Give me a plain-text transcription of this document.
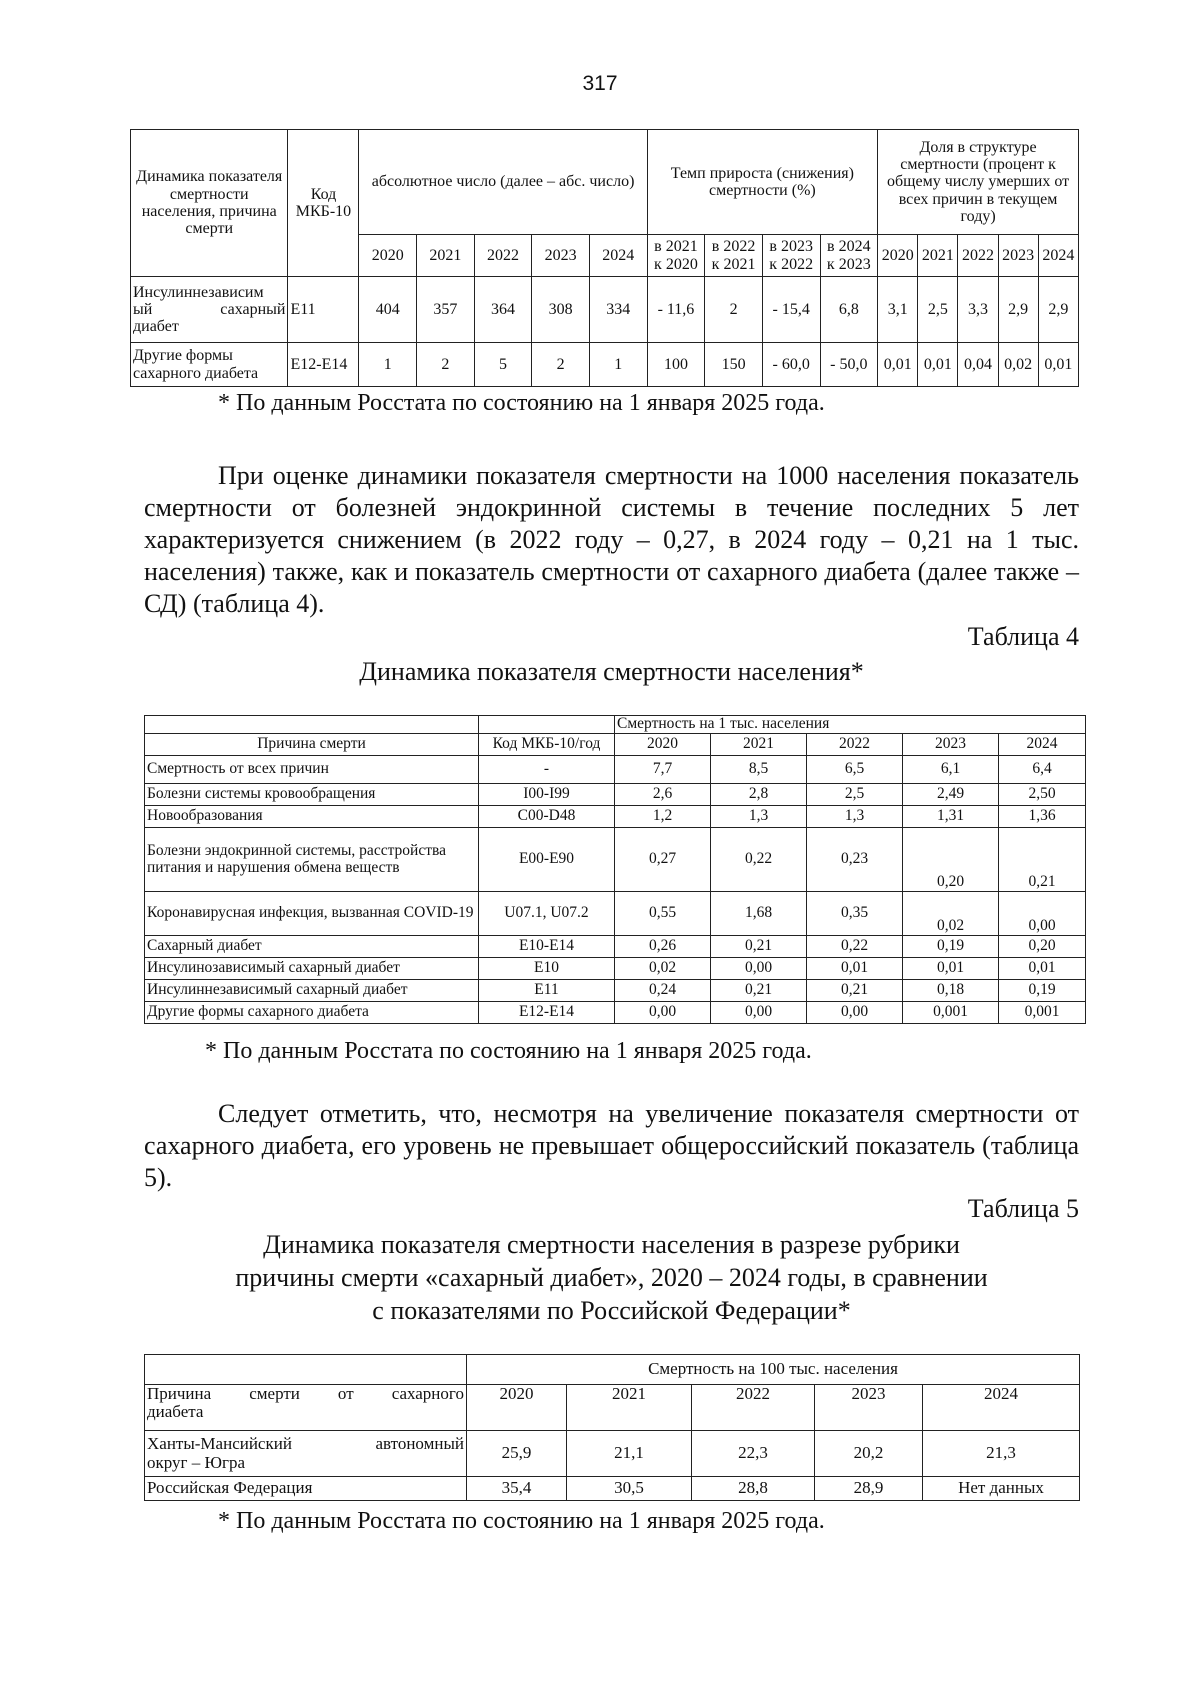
317
Динамика показателя смертности населения, причина смерти	Код МКБ-10	абсолютное число (далее – абс. число)					Темп прироста (снижения) смертности (%)				Доля в структуре смертности (процент к общему числу умерших от всех причин в текущем году)				
		2020	2021	2022	2023	2024	в 2021
к 2020	в 2022
к 2021	в 2023
к 2022	в 2024
к 2023	2020	2021	2022	2023	2024
Инсулиннезависим

ый сахарный
диабет	E11	404	357	364	308	334	- 11,6	2	- 15,4	6,8	3,1	2,5	3,3	2,9	2,9
Другие формы сахарного диабета	E12-E14	1	2	5	2	1	100	150	- 60,0	- 50,0	0,01	0,01	0,04	0,02	0,01
* По данным Росстата по состоянию на 1 января 2025 года.
При оценке динамики показателя смертности на 1000 населения показатель смертности от болезней эндокринной системы в течение последних 5 лет характеризуется снижением (в 2022 году – 0,27, в 2024 году – 0,21 на 1 тыс. населения) также, как и показатель смертности от сахарного диабета (далее также – СД) (таблица 4).
Таблица 4
Динамика показателя смертности населения*
		Смертность на 1 тыс. населения				
Причина смерти	Код МКБ-10/год	2020	2021	2022	2023	2024
Смертность от всех причин	-	7,7	8,5	6,5	6,1	6,4
Болезни системы кровообращения	I00-I99	2,6	2,8	2,5	2,49	2,50
Новообразования	C00-D48	1,2	1,3	1,3	1,31	1,36
Болезни эндокринной системы, расстройства питания и нарушения обмена веществ	E00-E90	0,27	0,22	0,23	0,20	0,21
Коронавирусная инфекция, вызванная COVID-19	U07.1, U07.2	0,55	1,68	0,35	0,02	0,00
Сахарный диабет	E10-E14	0,26	0,21	0,22	0,19	0,20
Инсулинозависимый сахарный диабет	E10	0,02	0,00	0,01	0,01	0,01
Инсулиннезависимый сахарный диабет	E11	0,24	0,21	0,21	0,18	0,19
Другие формы сахарного диабета	E12-E14	0,00	0,00	0,00	0,001	0,001
* По данным Росстата по состоянию на 1 января 2025 года.
Следует отметить, что, несмотря на увеличение показателя смертности от сахарного диабета, его уровень не превышает общероссийский показатель (таблица 5).
Таблица 5
Динамика показателя смертности населения в разрезе рубрики
причины смерти «сахарный диабет», 2020 – 2024 годы, в сравнении
с показателями по Российской Федерации*
	Смертность на 100 тыс. населения				

Причина смерти от сахарного
диабета	2020	2021	2022	2023	2024

Ханты-Мансийский автономный
округ – Югра	25,9	21,1	22,3	20,2	21,3
Российская Федерация	35,4	30,5	28,8	28,9	Нет данных
* По данным Росстата по состоянию на 1 января 2025 года.
